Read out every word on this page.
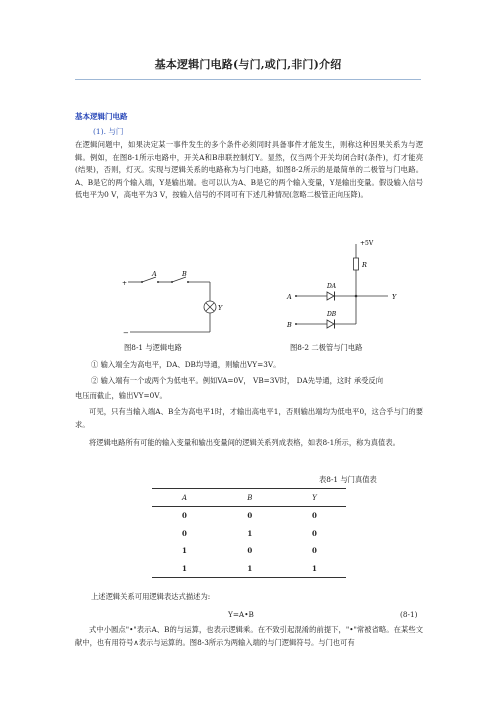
基本逻辑门电路(与门,或门,非门)介绍
基本逻辑门电路
(1). 与门
在逻辑问题中，如果决定某一事件发生的多个条件必须同时具备事件才能发生，则称这种因果关系为与逻辑。例如，在图8-1所示电路中，开关A和B串联控制灯Y。显然，仅当两个开关均闭合时(条件)，灯才能亮(结果)，否则，灯灭。实现与逻辑关系的电路称为与门电路，如图8-2所示的是最简单的二极管与门电路。A、B是它的两个输入端，Y是输出端。也可以认为A、B是它的两个输入变量，Y是输出变量。假设输入信号低电平为0 V，高电平为3 V，按输入信号的不同可有下述几种情况(忽略二极管正向压降)。
+
−
A	B
Y
+5V
R
DA
DB
A
B
Y
图8-1 与逻辑电路	图8-2 二极管与门电路
① 输入端全为高电平，DA、DB均导通，则输出VY=3V。
② 输入端有一个或两个为低电平。例如VA=0V， VB=3V时， DA先导通，这时 承受反向
电压而截止，输出VY=0V。
可见，只有当输入端A、B全为高电平1时，才输出高电平1，否则输出端均为低电平0，这合乎与门的要求。
将逻辑电路所有可能的输入变量和输出变量间的逻辑关系列成表格，如表8-1所示，称为真值表。
表8-1 与门真值表
A	B	Y
0	0	0
0	1	0
1	0	0
1	1	1
上述逻辑关系可用逻辑表达式描述为:
Y=A•B	(8-1)
式中小圆点"•"表示A、B的与运算，也表示逻辑乘。在不致引起混淆的前提下，"•"常被省略。在某些文献中，也有用符号∧表示与运算的。图8-3所示为两输入端的与门逻辑符号。与门也可有
